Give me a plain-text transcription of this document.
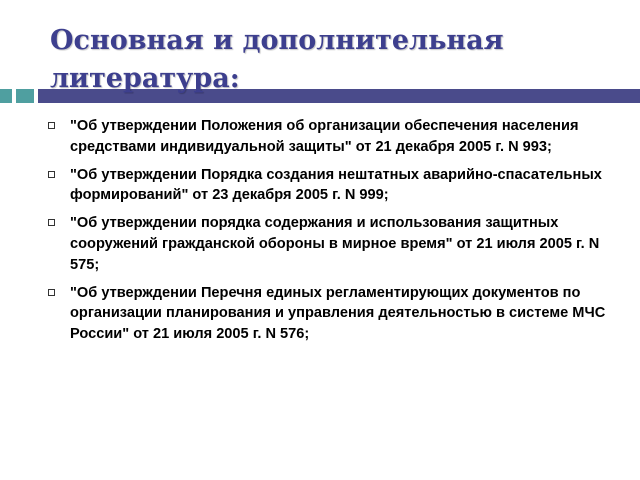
Основная и дополнительная литература:
"Об утверждении Положения об организации обеспечения населения средствами индивидуальной защиты" от 21 декабря 2005 г. N 993;
"Об утверждении Порядка создания нештатных аварийно-спасательных формирований" от 23 декабря 2005 г. N 999;
"Об утверждении порядка содержания и использования защитных сооружений гражданской обороны в мирное время" от 21 июля 2005 г. N 575;
"Об утверждении Перечня единых регламентирующих документов по организации планирования и управления деятельностью в системе МЧС России" от 21 июля 2005 г. N 576;
